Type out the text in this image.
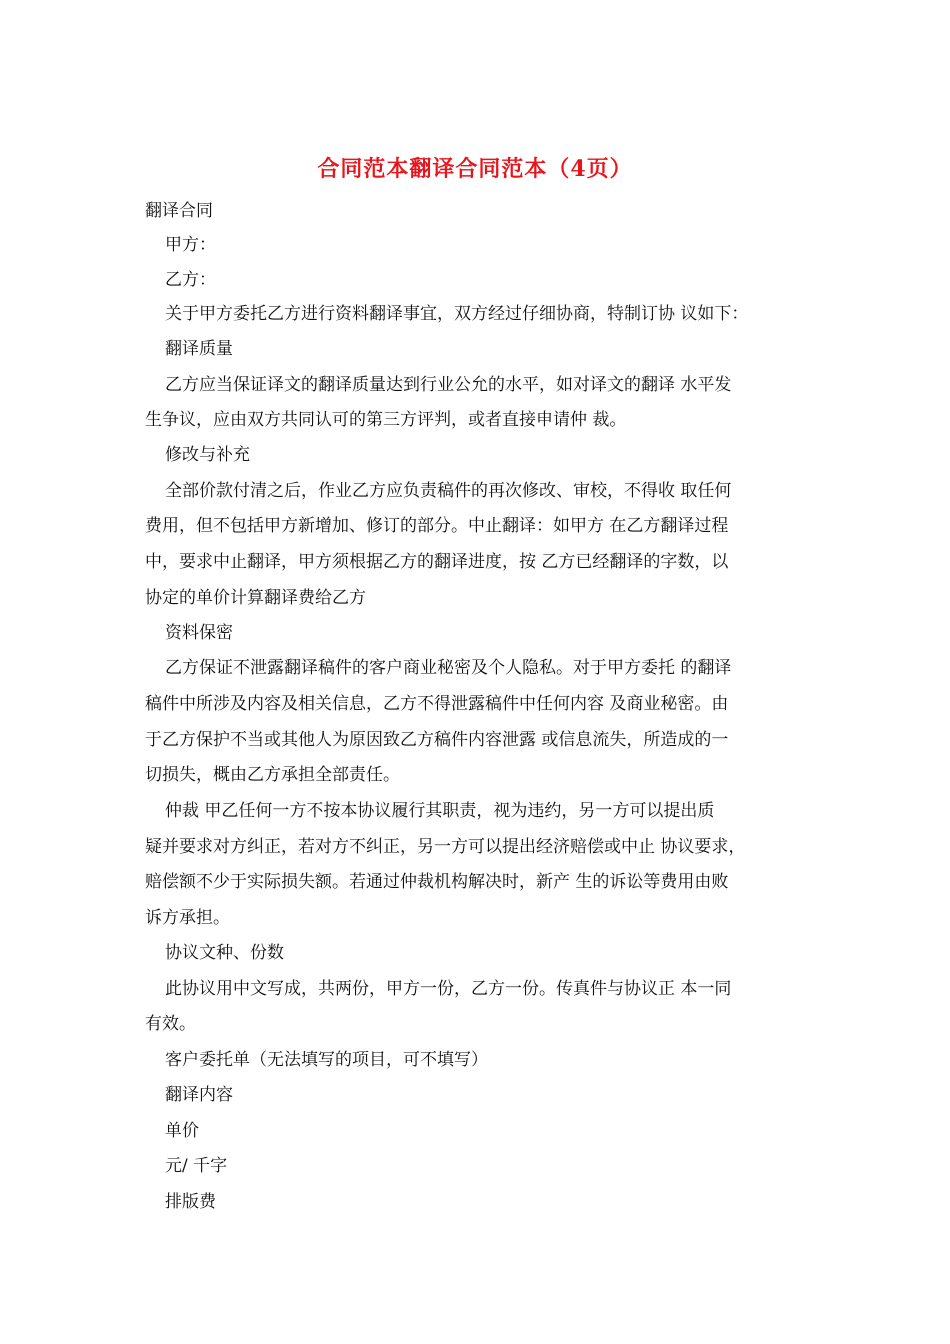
合同范本翻译合同范本（4页）
翻译合同
甲方：
乙方：
关于甲方委托乙方进行资料翻译事宜，双方经过仔细协商，特制订协 议如下：
翻译质量
乙方应当保证译文的翻译质量达到行业公允的水平，如对译文的翻译 水平发
生争议，应由双方共同认可的第三方评判，或者直接申请仲 裁。
修改与补充
全部价款付清之后，作业乙方应负责稿件的再次修改、审校，不得收 取任何
费用，但不包括甲方新增加、修订的部分。中止翻译：如甲方 在乙方翻译过程
中，要求中止翻译，甲方须根据乙方的翻译进度，按 乙方已经翻译的字数，以
协定的单价计算翻译费给乙方
资料保密
乙方保证不泄露翻译稿件的客户商业秘密及个人隐私。对于甲方委托 的翻译
稿件中所涉及内容及相关信息，乙方不得泄露稿件中任何内容 及商业秘密。由
于乙方保护不当或其他人为原因致乙方稿件内容泄露 或信息流失，所造成的一
切损失，概由乙方承担全部责任。
仲裁 甲乙任何一方不按本协议履行其职责，视为违约，另一方可以提出质
疑并要求对方纠正，若对方不纠正，另一方可以提出经济赔偿或中止 协议要求，
赔偿额不少于实际损失额。若通过仲裁机构解决时，新产 生的诉讼等费用由败
诉方承担。
协议文种、份数
此协议用中文写成，共两份，甲方一份，乙方一份。传真件与协议正 本一同
有效。
客户委托单（无法填写的项目，可不填写）
翻译内容
单价
元/ 千字
排版费
